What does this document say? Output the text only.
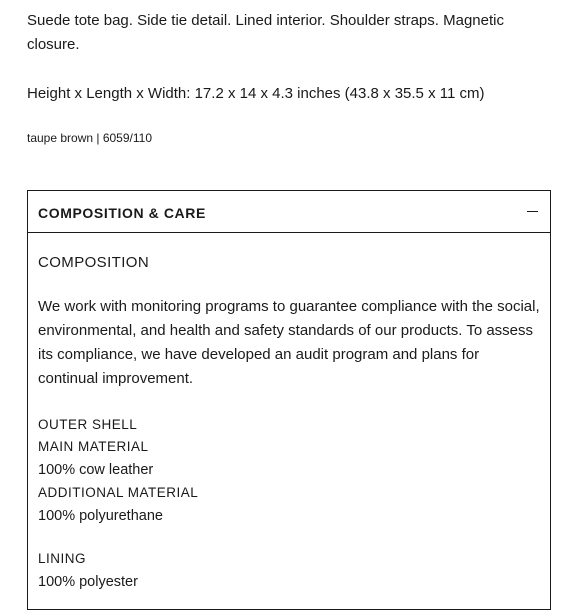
Suede tote bag. Side tie detail. Lined interior. Shoulder straps. Magnetic closure.

Height x Length x Width: 17.2 x 14 x 4.3 inches (43.8 x 35.5 x 11 cm)

taupe brown | 6059/110

COMPOSITION & CARE

COMPOSITION

We work with monitoring programs to guarantee compliance with the social, environmental, and health and safety standards of our products. To assess its compliance, we have developed an audit program and plans for continual improvement.

OUTER SHELL
MAIN MATERIAL
100% cow leather
ADDITIONAL MATERIAL
100% polyurethane
LINING
100% polyester
